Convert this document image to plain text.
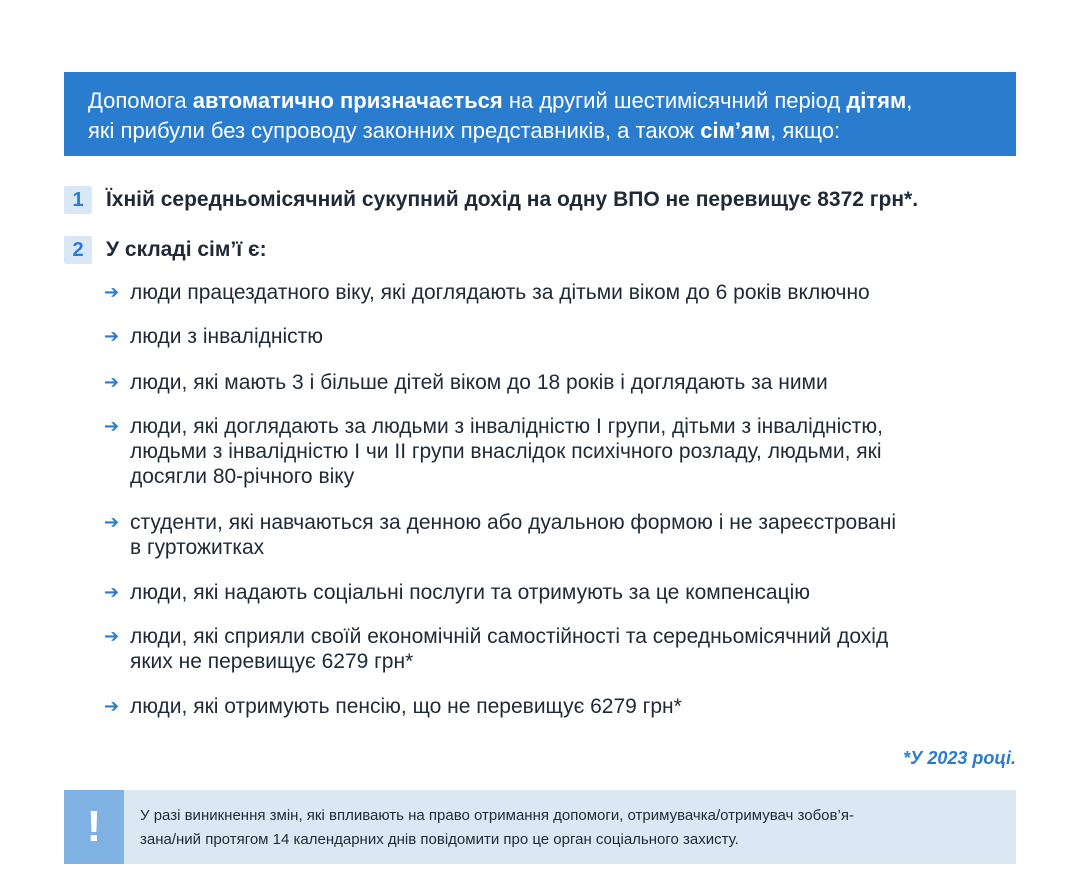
Допомога автоматично призначається на другий шестимісячний період дітям,
які прибули без супроводу законних представників, а також сім’ям, якщо:
1	Їхній середньомісячний сукупний дохід на одну ВПО не перевищує 8372 грн*.
2	У складі сім’ї є:
➔ люди працездатного віку, які доглядають за дітьми віком до 6 років включно
➔ люди з інвалідністю
➔ люди, які мають 3 і більше дітей віком до 18 років і доглядають за ними
➔ люди, які доглядають за людьми з інвалідністю I групи, дітьми з інвалідністю,
людьми з інвалідністю I чи II групи внаслідок психічного розладу, людьми, які
досягли 80-річного віку
➔ студенти, які навчаються за денною або дуальною формою і не зареєстровані
в гуртожитках
➔ люди, які надають соціальні послуги та отримують за це компенсацію
➔ люди, які сприяли своїй економічній самостійності та середньомісячний дохід
яких не перевищує 6279 грн*
➔ люди, які отримують пенсію, що не перевищує 6279 грн*
*У 2023 році.
!	У разі виникнення змін, які впливають на право отримання допомоги, отримувачка/отримувач зобов’я-
зана/ний протягом 14 календарних днів повідомити про це орган соціального захисту.
